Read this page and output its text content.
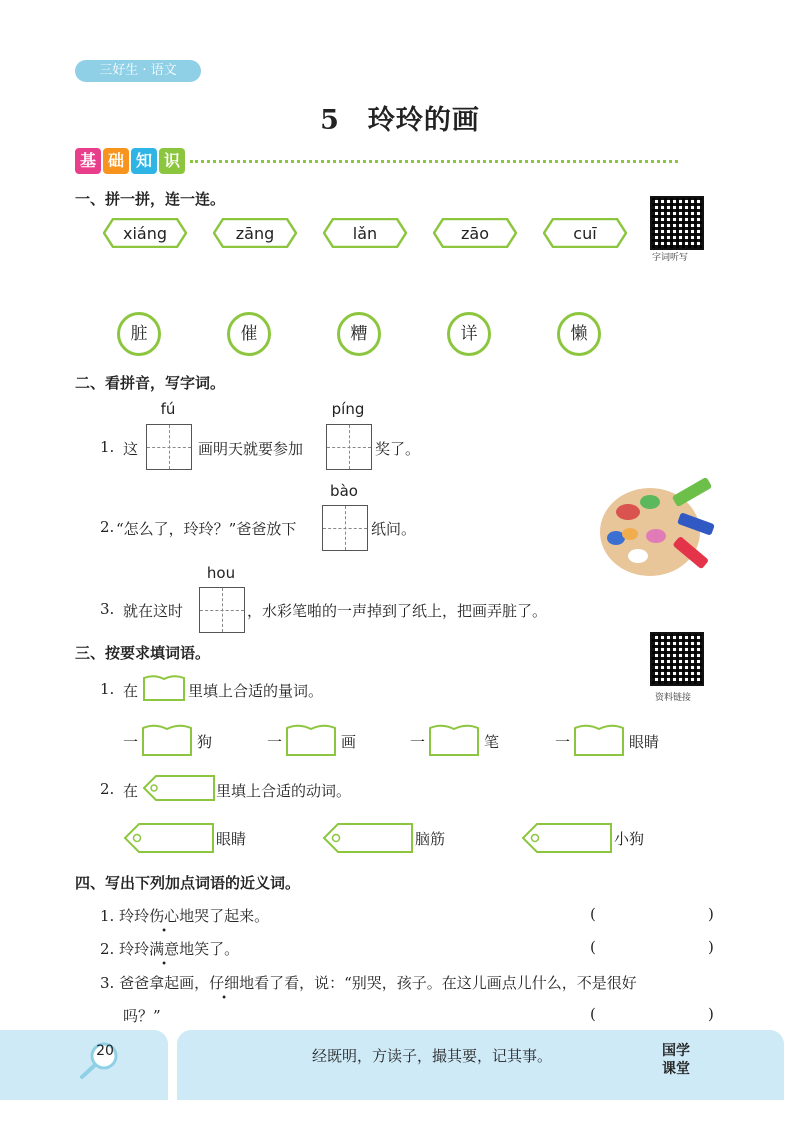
三好生 · 语文
5 玲玲的画
基 础 知 识
一、拼一拼，连一连。
字词听写
二、看拼音，写字词。
1. 这
fú
画明天就要参加
píng
奖了。
2. “怎么了，玲玲？”爸爸放下
bào
纸问。
3. 就在这时
hou
，水彩笔啪的一声掉到了纸上，把画弄脏了。
三、按要求填词语。
资料链接
1. 在	里填上合适的量词。
2. 在	里填上合适的动词。
四、写出下列加点词语的近义词。
1. 玲玲伤心地哭了起来。
2. 玲玲满意地笑了。
3. 爸爸拿起画，仔细地看了看，说：“别哭，孩子。在这儿画点儿什么，不是很好
吗？”
(	)
(	)
(	)
20	经既明，方读子，撮其要，记其事。	国学
课堂
xiáng	zāng	lǎn	zāo	cuī
脏	催	糟	详	懒
一	狗	一	画	一	笔	一	眼睛
眼睛	脑筋	小狗
